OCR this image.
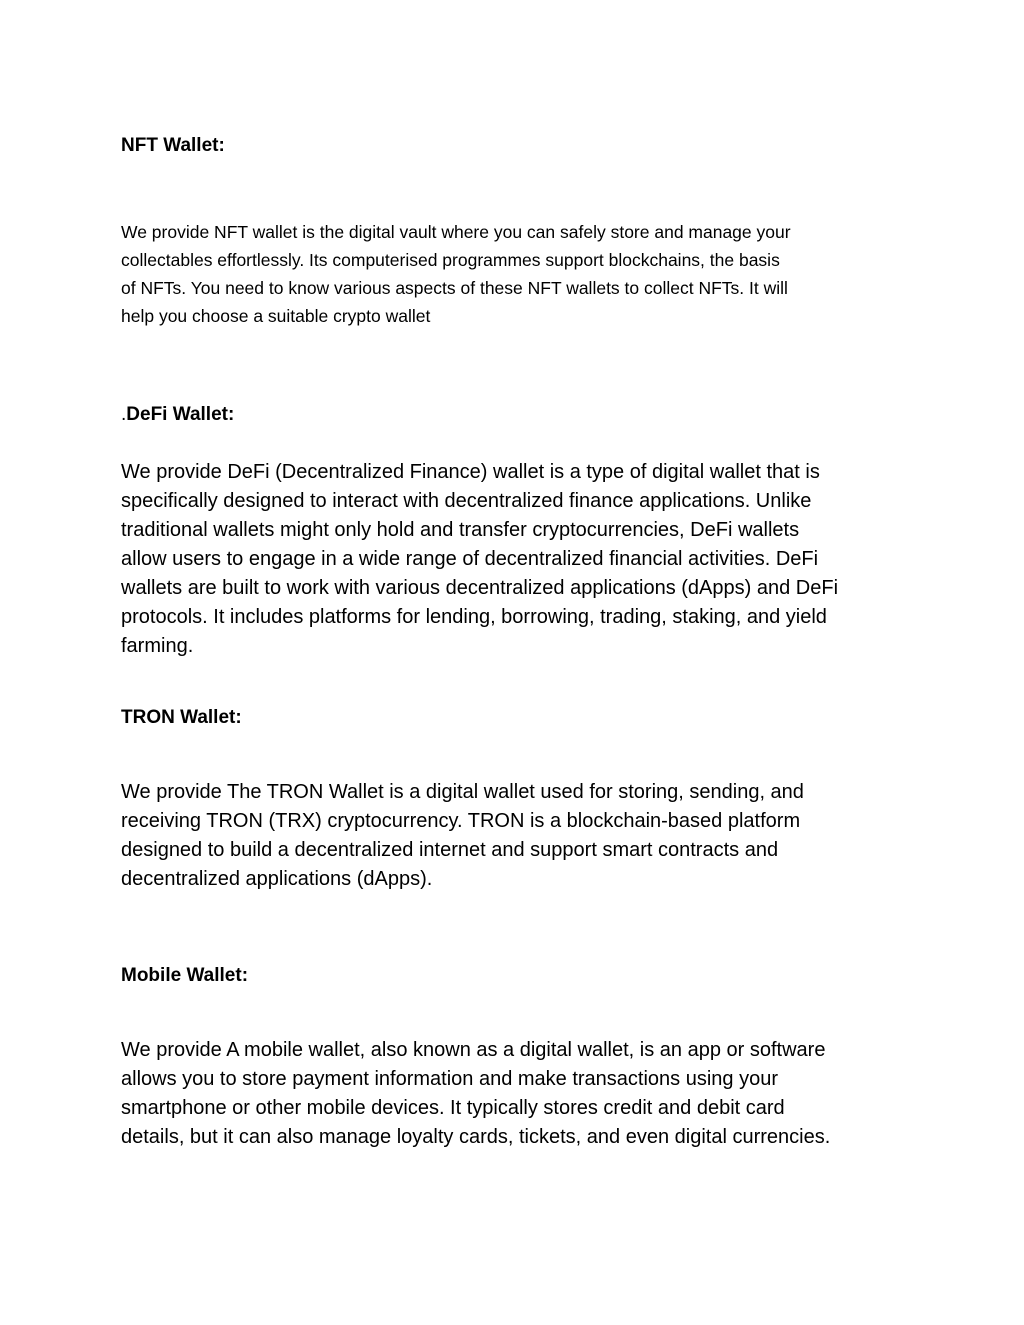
NFT Wallet:
We provide NFT wallet is the digital vault where you can safely store and manage your
collectables effortlessly. Its computerised programmes support blockchains, the basis
of NFTs. You need to know various aspects of these NFT wallets to collect NFTs. It will
help you choose a suitable crypto wallet
.DeFi Wallet:
We provide DeFi (Decentralized Finance) wallet is a type of digital wallet that is
specifically designed to interact with decentralized finance applications. Unlike
traditional wallets might only hold and transfer cryptocurrencies, DeFi wallets
allow users to engage in a wide range of decentralized financial activities. DeFi
wallets are built to work with various decentralized applications (dApps) and DeFi
protocols. It includes platforms for lending, borrowing, trading, staking, and yield
farming.
TRON Wallet:
We provide The TRON Wallet is a digital wallet used for storing, sending, and
receiving TRON (TRX) cryptocurrency. TRON is a blockchain-based platform
designed to build a decentralized internet and support smart contracts and
decentralized applications (dApps).
Mobile Wallet:
We provide A mobile wallet, also known as a digital wallet, is an app or software
allows you to store payment information and make transactions using your
smartphone or other mobile devices. It typically stores credit and debit card
details, but it can also manage loyalty cards, tickets, and even digital currencies.
